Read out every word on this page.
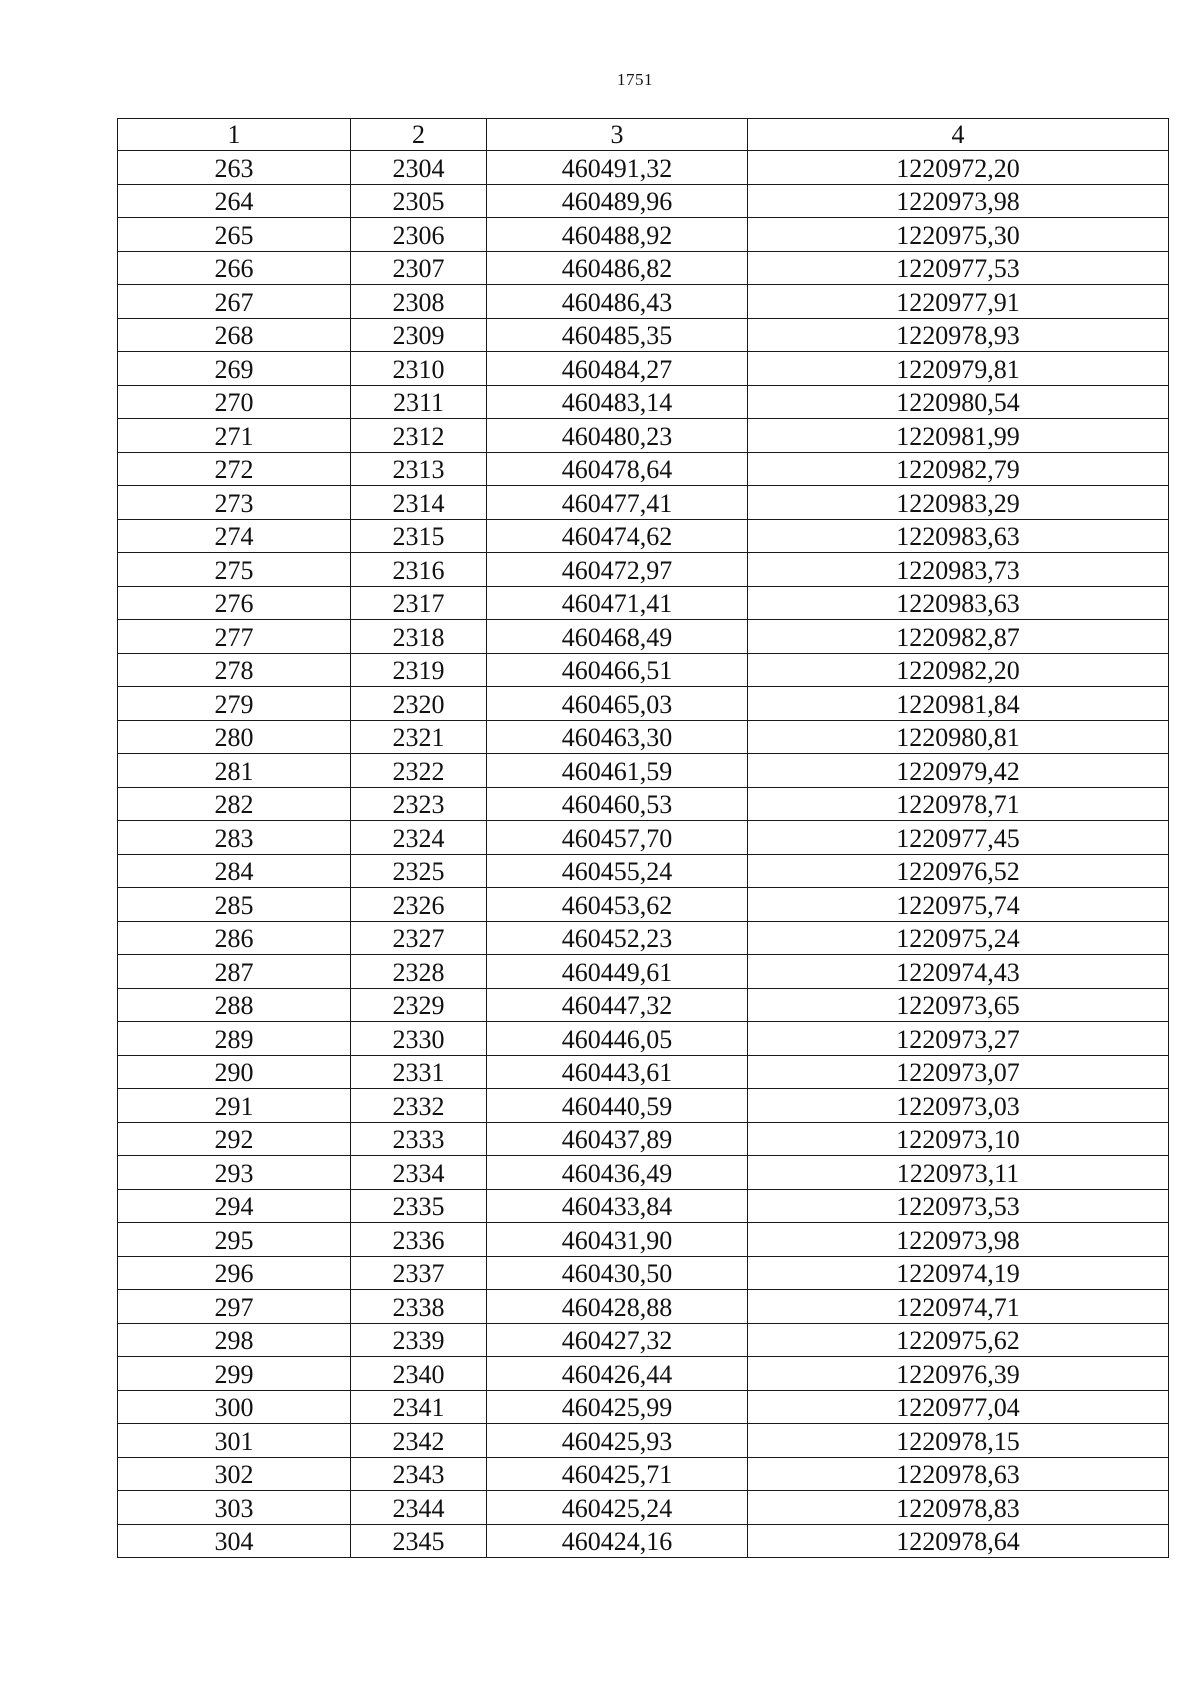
1751
1	2	3	4
263	2304	460491,32	1220972,20
264	2305	460489,96	1220973,98
265	2306	460488,92	1220975,30
266	2307	460486,82	1220977,53
267	2308	460486,43	1220977,91
268	2309	460485,35	1220978,93
269	2310	460484,27	1220979,81
270	2311	460483,14	1220980,54
271	2312	460480,23	1220981,99
272	2313	460478,64	1220982,79
273	2314	460477,41	1220983,29
274	2315	460474,62	1220983,63
275	2316	460472,97	1220983,73
276	2317	460471,41	1220983,63
277	2318	460468,49	1220982,87
278	2319	460466,51	1220982,20
279	2320	460465,03	1220981,84
280	2321	460463,30	1220980,81
281	2322	460461,59	1220979,42
282	2323	460460,53	1220978,71
283	2324	460457,70	1220977,45
284	2325	460455,24	1220976,52
285	2326	460453,62	1220975,74
286	2327	460452,23	1220975,24
287	2328	460449,61	1220974,43
288	2329	460447,32	1220973,65
289	2330	460446,05	1220973,27
290	2331	460443,61	1220973,07
291	2332	460440,59	1220973,03
292	2333	460437,89	1220973,10
293	2334	460436,49	1220973,11
294	2335	460433,84	1220973,53
295	2336	460431,90	1220973,98
296	2337	460430,50	1220974,19
297	2338	460428,88	1220974,71
298	2339	460427,32	1220975,62
299	2340	460426,44	1220976,39
300	2341	460425,99	1220977,04
301	2342	460425,93	1220978,15
302	2343	460425,71	1220978,63
303	2344	460425,24	1220978,83
304	2345	460424,16	1220978,64
